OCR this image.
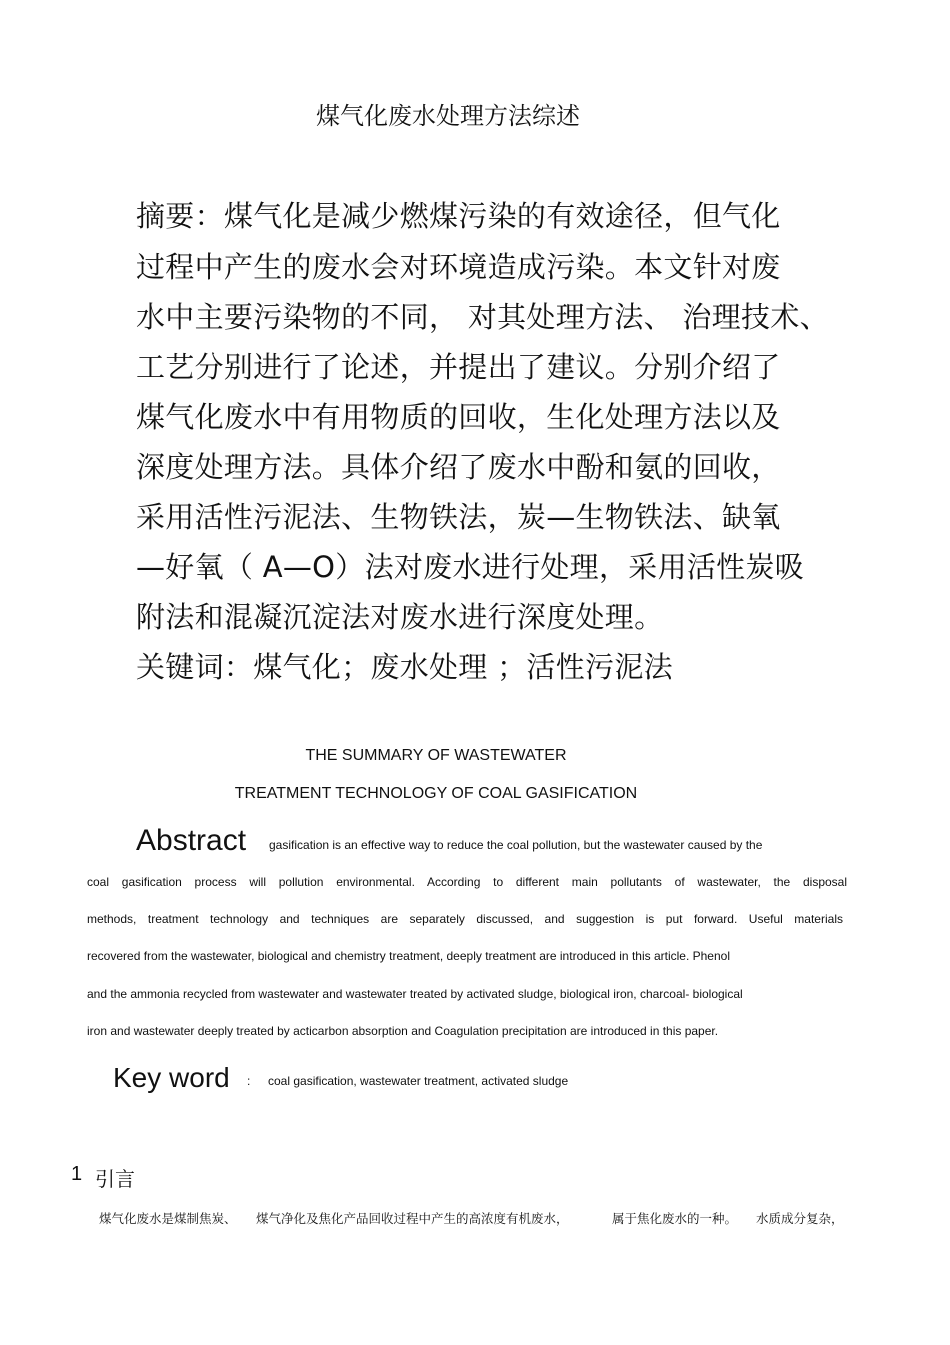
煤气化废水处理方法综述
摘要：煤气化是减少燃煤污染的有效途径，但气化
过程中产生的废水会对环境造成污染。本文针对废
水中主要污染物的不同， 对其处理方法、 治理技术、
工艺分别进行了论述，并提出了建议。分别介绍了
煤气化废水中有用物质的回收，生化处理方法以及
深度处理方法。具体介绍了废水中酚和氨的回收，
采用活性污泥法、生物铁法，炭—生物铁法、缺氧
—好氧（ A—O）法对废水进行处理，采用活性炭吸
附法和混凝沉淀法对废水进行深度处理。
关键词：煤气化；废水处理 ；活性污泥法
THE SUMMARY OF WASTEWATER
TREATMENT TECHNOLOGY OF COAL GASIFICATION
Abstract gasification is an effective way to reduce the coal pollution, but the wastewater caused by the
coal gasification process will pollution environmental. According to different main pollutants of wastewater, the disposal
methods, treatment technology and techniques are separately discussed, and suggestion is put forward. Useful materials
recovered from the wastewater, biological and chemistry treatment, deeply treatment are introduced in this article. Phenol
and the ammonia recycled from wastewater and wastewater treated by activated sludge, biological iron, charcoal- biological
iron and wastewater deeply treated by acticarbon absorption and Coagulation precipitation are introduced in this paper.
Key word : coal gasification, wastewater treatment, activated sludge
1 引言
煤气化废水是煤制焦炭、 煤气净化及焦化产品回收过程中产生的高浓度有机废水，	属于焦化废水的一种。 水质成分复杂，
